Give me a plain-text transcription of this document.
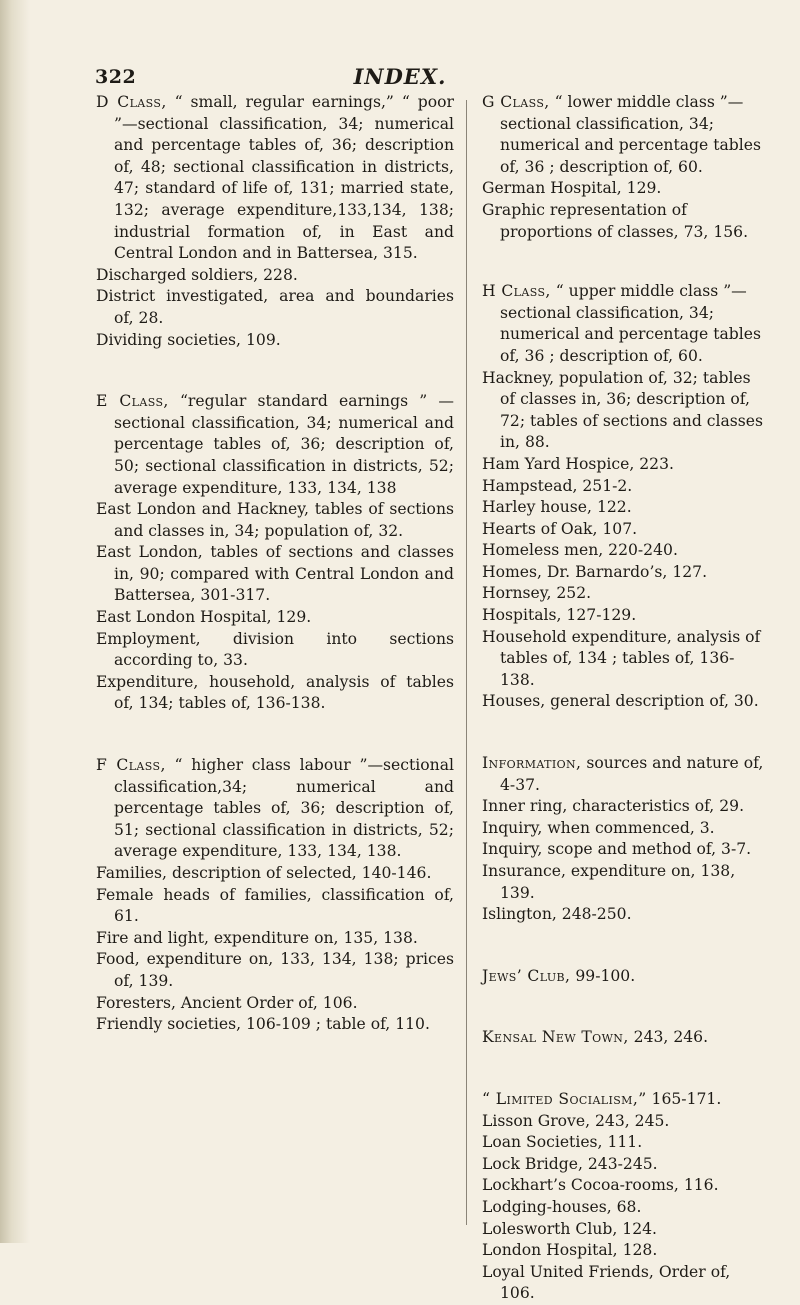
322	INDEX.

D Class, “ small, regular earnings,” “ poor ”—sectional classification, 34; numerical and percentage tables of, 36; description of, 48; sectional classification in districts, 47; standard of life of, 131; married state, 132; average expenditure,133,134, 138; industrial formation of, in East and Central London and in Battersea, 315.

Discharged soldiers, 228.

District investigated, area and boundaries of, 28.

Dividing societies, 109.

E Class, “regular standard earnings ” — sectional classification, 34; numerical and percentage tables of, 36; description of, 50; sectional classification in districts, 52; average expenditure, 133, 134, 138

East London and Hackney, tables of sections and classes in, 34; population of, 32.

East London, tables of sections and classes in, 90; compared with Central London and Battersea, 301-317.

East London Hospital, 129.

Employment, division into sections according to, 33.

Expenditure, household, analysis of tables of, 134; tables of, 136-138.

F Class, “ higher class labour ”—sectional classification,34; numerical and percentage tables of, 36; description of, 51; sectional classification in districts, 52; average expenditure, 133, 134, 138.

Families, description of selected, 140-146.

Female heads of families, classification of, 61.

Fire and light, expenditure on, 135, 138.

Food, expenditure on, 133, 134, 138; prices of, 139.

Foresters, Ancient Order of, 106.

Friendly societies, 106-109 ; table of, 110.

G Class, “ lower middle class ”—sectional classification, 34; numerical and percentage tables of, 36 ; description of, 60.

German Hospital, 129.

Graphic representation of proportions of classes, 73, 156.

H Class, “ upper middle class ”—sectional classification, 34; numerical and percentage tables of, 36 ; description of, 60.

Hackney, population of, 32; tables of classes in, 36; description of, 72; tables of sections and classes in, 88.

Ham Yard Hospice, 223.

Hampstead, 251-2.

Harley house, 122.

Hearts of Oak, 107.

Homeless men, 220-240.

Homes, Dr. Barnardo’s, 127.

Hornsey, 252.

Hospitals, 127-129.

Household expenditure, analysis of tables of, 134 ; tables of, 136-138.

Houses, general description of, 30.

Information, sources and nature of, 4-37.

Inner ring, characteristics of, 29.

Inquiry, when commenced, 3.

Inquiry, scope and method of, 3-7.

Insurance, expenditure on, 138, 139.

Islington, 248-250.

Jews’ Club, 99-100.

Kensal New Town, 243, 246.

“ Limited Socialism,” 165-171.

Lisson Grove, 243, 245.

Loan Societies, 111.

Lock Bridge, 243-245.

Lockhart’s Cocoa-rooms, 116.

Lodging-houses, 68.

Lolesworth Club, 124.

London Hospital, 128.

Loyal United Friends, Order of, 106.
